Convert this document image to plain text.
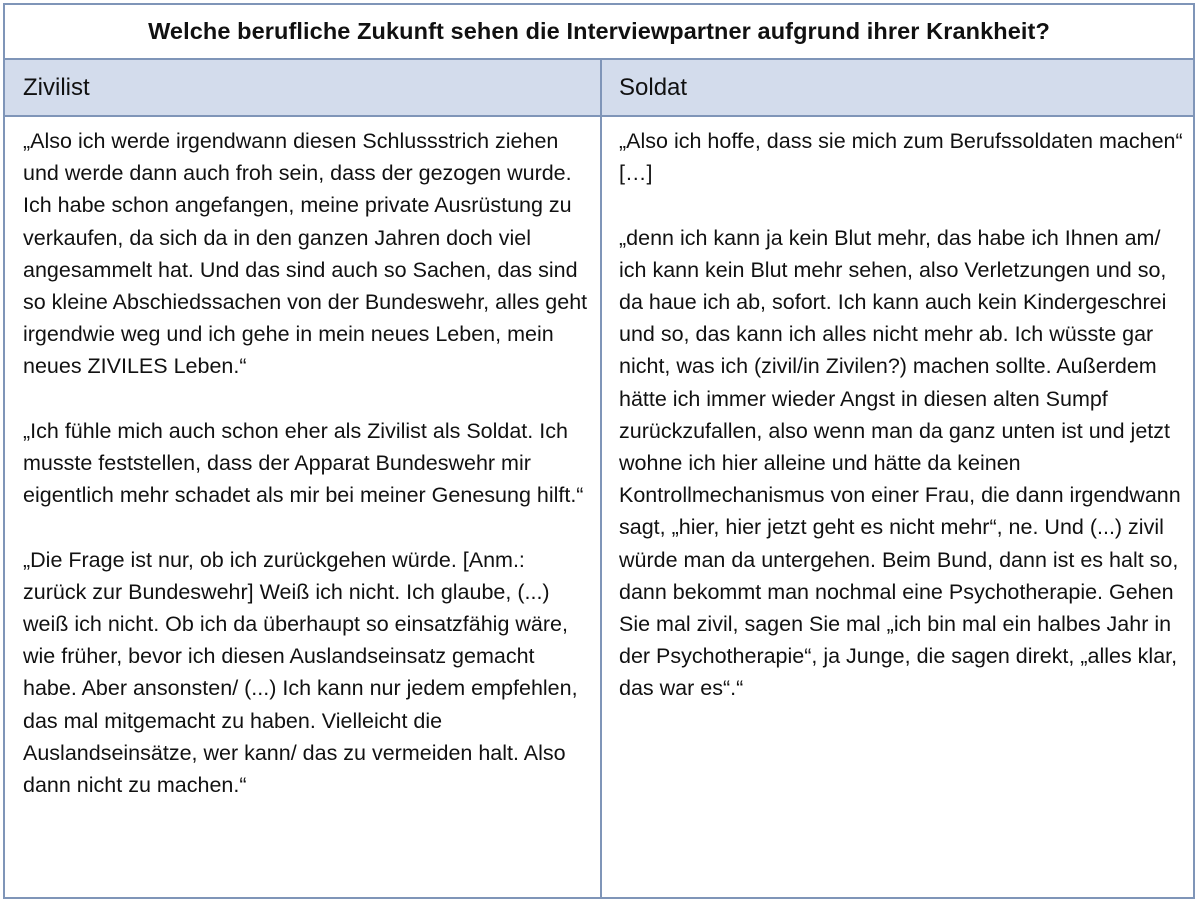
Welche berufliche Zukunft sehen die Interviewpartner aufgrund ihrer Krankheit?
Zivilist	Soldat

„Also ich werde irgendwann diesen Schlussstrich ziehen und werde dann auch froh sein, dass der gezogen wurde. Ich habe schon angefangen, meine private Ausrüstung zu verkaufen, da sich da in den ganzen Jahren doch viel angesammelt hat. Und das sind auch so Sachen, das sind so kleine Abschiedssachen von der Bundeswehr, alles geht irgendwie weg und ich gehe in mein neues Leben, mein neues ZIVILES Leben.“

„Ich fühle mich auch schon eher als Zivilist als Soldat. Ich musste feststellen, dass der Apparat Bundeswehr mir eigentlich mehr schadet als mir bei meiner Genesung hilft.“

„Die Frage ist nur, ob ich zurückgehen würde. [Anm.: zurück zur Bundeswehr] Weiß ich nicht. Ich glaube, (...) weiß ich nicht. Ob ich da überhaupt so einsatzfähig wäre, wie früher, bevor ich diesen Auslandseinsatz gemacht habe. Aber ansonsten/ (...) Ich kann nur jedem empfehlen, das mal mitgemacht zu haben. Vielleicht die Auslandseinsätze, wer kann/ das zu vermeiden halt. Also dann nicht zu machen.“

„Also ich hoffe, dass sie mich zum Berufssoldaten machen“ […]

„denn ich kann ja kein Blut mehr, das habe ich Ihnen am/ ich kann kein Blut mehr sehen, also Verletzungen und so, da haue ich ab, sofort. Ich kann auch kein Kindergeschrei und so, das kann ich alles nicht mehr ab. Ich wüsste gar nicht, was ich (zivil/in Zivilen?) machen sollte. Außerdem hätte ich immer wieder Angst in diesen alten Sumpf zurückzufallen, also wenn man da ganz unten ist und jetzt wohne ich hier alleine und hätte da keinen Kontrollmechanismus von einer Frau, die dann irgendwann sagt, „hier, hier jetzt geht es nicht mehr“, ne. Und (...) zivil würde man da untergehen. Beim Bund, dann ist es halt so, dann bekommt man nochmal eine Psychotherapie. Gehen Sie mal zivil, sagen Sie mal „ich bin mal ein halbes Jahr in der Psychotherapie“, ja Junge, die sagen direkt, „alles klar, das war es“.“
